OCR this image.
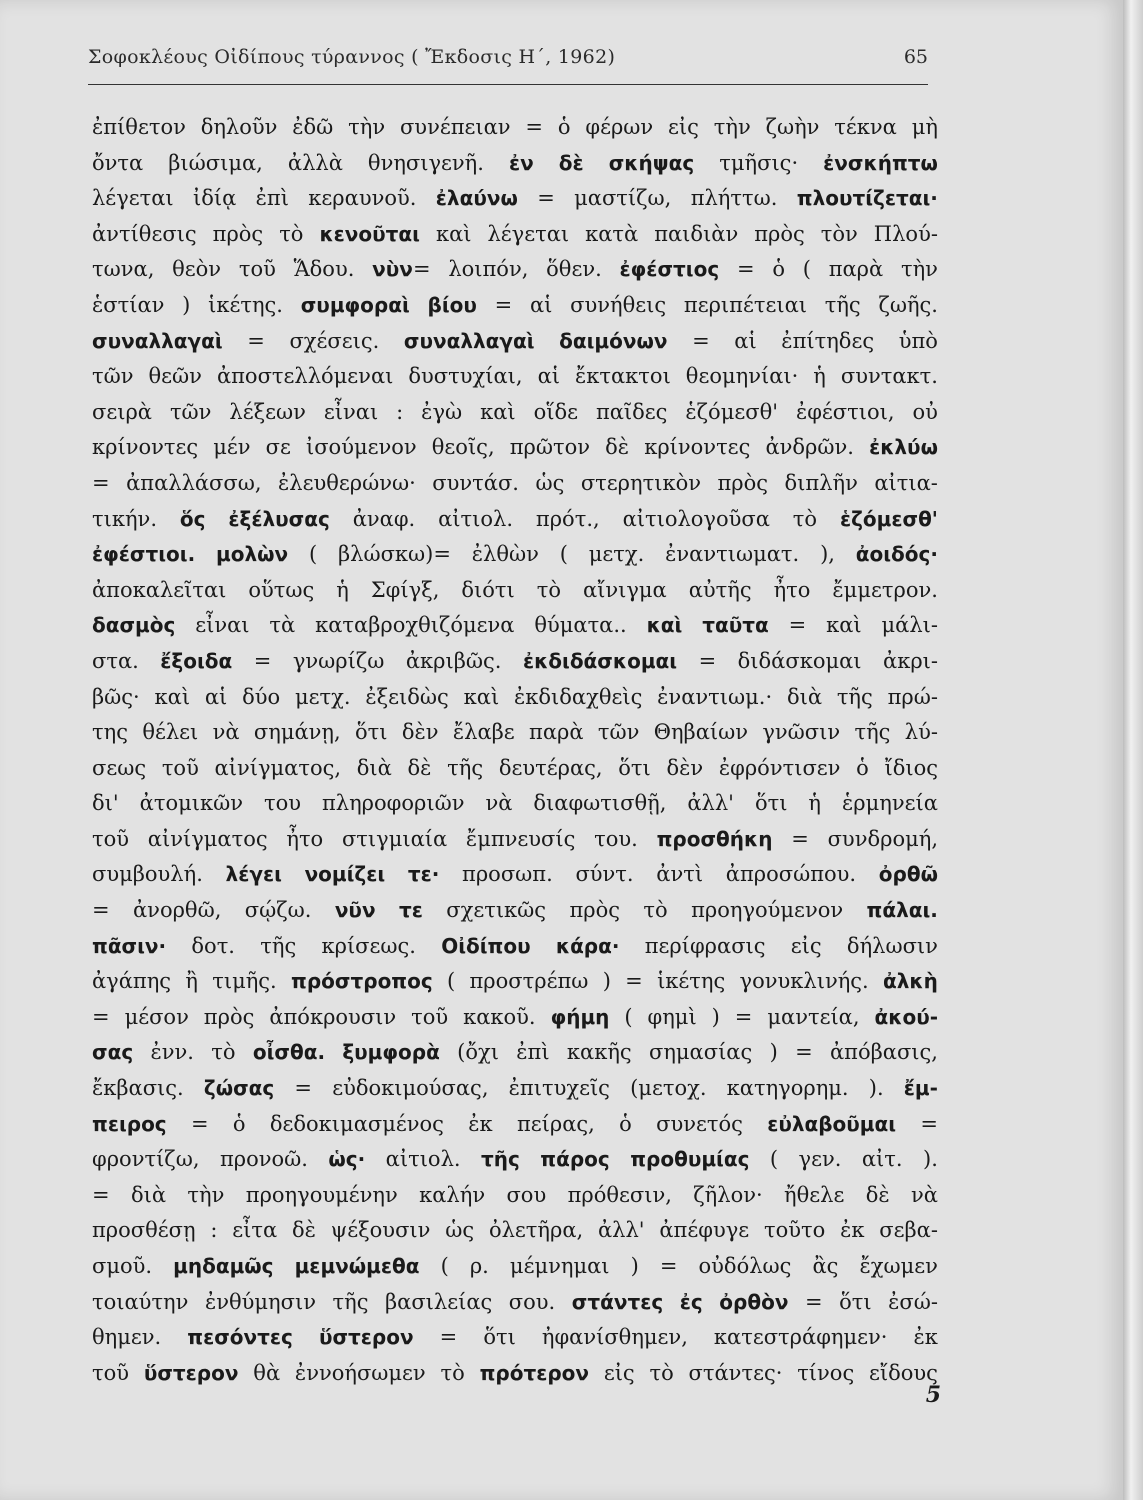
Σοφοκλέους Οἰδίπους τύραννος ( Ἔκδοσις Η΄, 1962)	65
ἐπίθετον δηλοῦν ἐδῶ τὴν συνέπειαν = ὁ φέρων εἰς τὴν ζωὴν τέκνα μὴ
ὄντα βιώσιμα, ἀλλὰ θνησιγενῆ. ἐν δὲ σκήψας τμῆσις· ἐνσκήπτω
λέγεται ἰδίᾳ ἐπὶ κεραυνοῦ. ἐλαύνω = μαστίζω, πλήττω. πλουτίζεται·
ἀντίθεσις πρὸς τὸ κενοῦται καὶ λέγεται κατὰ παιδιὰν πρὸς τὸν Πλού-
τωνα, θεὸν τοῦ Ἅδου. νὺν= λοιπόν, ὅθεν. ἐφέστιος = ὁ ( παρὰ τὴν
ἑστίαν ) ἱκέτης. συμφοραὶ βίου = αἱ συνήθεις περιπέτειαι τῆς ζωῆς.
συναλλαγαὶ = σχέσεις. συναλλαγαὶ δαιμόνων = αἱ ἐπίτηδες ὑπὸ
τῶν θεῶν ἀποστελλόμεναι δυστυχίαι, αἱ ἔκτακτοι θεομηνίαι· ἡ συντακτ.
σειρὰ τῶν λέξεων εἶναι : ἐγὼ καὶ οἵδε παῖδες ἑζόμεσθ' ἐφέστιοι, οὐ
κρίνοντες μέν σε ἰσούμενον θεοῖς, πρῶτον δὲ κρίνοντες ἀνδρῶν. ἐκλύω
= ἀπαλλάσσω, ἐλευθερώνω· συντάσ. ὡς στερητικὸν πρὸς διπλῆν αἰτια-
τικήν. ὅς ἐξέλυσας ἀναφ. αἰτιολ. πρότ., αἰτιολογοῦσα τὸ ἑζόμεσθ'
ἐφέστιοι. μολὼν ( βλώσκω)= ἐλθὼν ( μετχ. ἐναντιωματ. ), ἀοιδός·
ἀποκαλεῖται οὕτως ἡ Σφίγξ, διότι τὸ αἴνιγμα αὐτῆς ἦτο ἔμμετρον.
δασμὸς εἶναι τὰ καταβροχθιζόμενα θύματα.. καὶ ταῦτα = καὶ μάλι-
στα. ἔξοιδα = γνωρίζω ἀκριβῶς. ἐκδιδάσκομαι = διδάσκομαι ἀκρι-
βῶς· καὶ αἱ δύο μετχ. ἐξειδὼς καὶ ἐκδιδαχθεὶς ἐναντιωμ.· διὰ τῆς πρώ-
της θέλει νὰ σημάνῃ, ὅτι δὲν ἔλαβε παρὰ τῶν Θηβαίων γνῶσιν τῆς λύ-
σεως τοῦ αἰνίγματος, διὰ δὲ τῆς δευτέρας, ὅτι δὲν ἐφρόντισεν ὁ ἴδιος
δι' ἀτομικῶν του πληροφοριῶν νὰ διαφωτισθῇ, ἀλλ' ὅτι ἡ ἑρμηνεία
τοῦ αἰνίγματος ἦτο στιγμιαία ἔμπνευσίς του. προσθήκη = συνδρομή,
συμβουλή. λέγει νομίζει τε· προσωπ. σύντ. ἀντὶ ἀπροσώπου. ὀρθῶ
= ἀνορθῶ, σῴζω. νῦν τε σχετικῶς πρὸς τὸ προηγούμενον πάλαι.
πᾶσιν· δοτ. τῆς κρίσεως. Οἰδίπου κάρα· περίφρασις εἰς δήλωσιν
ἀγάπης ἢ τιμῆς. πρόστροπος ( προστρέπω ) = ἱκέτης γονυκλινής. ἀλκὴ
= μέσον πρὸς ἀπόκρουσιν τοῦ κακοῦ. φήμη ( φημὶ ) = μαντεία, ἀκού-
σας ἐνν. τὸ οἶσθα. ξυμφορὰ (ὄχι ἐπὶ κακῆς σημασίας ) = ἀπόβασις,
ἔκβασις. ζώσας = εὐδοκιμούσας, ἐπιτυχεῖς (μετοχ. κατηγορημ. ). ἔμ-
πειρος = ὁ δεδοκιμασμένος ἐκ πείρας, ὁ συνετός εὐλαβοῦμαι =
φροντίζω, προνοῶ. ὡς· αἰτιολ. τῆς πάρος προθυμίας ( γεν. αἰτ. ).
= διὰ τὴν προηγουμένην καλήν σου πρόθεσιν, ζῆλον· ἤθελε δὲ νὰ
προσθέσῃ : εἶτα δὲ ψέξουσιν ὡς ὀλετῆρα, ἀλλ' ἀπέφυγε τοῦτο ἐκ σεβα-
σμοῦ. μηδαμῶς μεμνώμεθα ( ρ. μέμνημαι ) = οὐδόλως ἂς ἔχωμεν
τοιαύτην ἐνθύμησιν τῆς βασιλείας σου. στάντες ἐς ὀρθὸν = ὅτι ἐσώ-
θημεν. πεσόντες ὕστερον = ὅτι ἠφανίσθημεν, κατεστράφημεν· ἐκ
τοῦ ὕστερον θὰ ἐννοήσωμεν τὸ πρότερον εἰς τὸ στάντες· τίνος εἴδους
5
